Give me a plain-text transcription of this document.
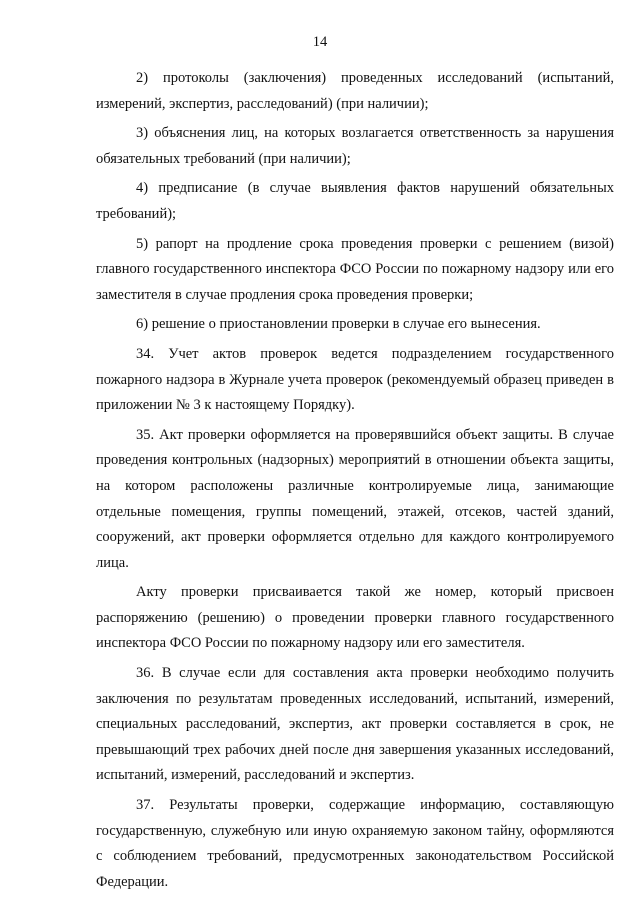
14

2) протоколы (заключения) проведенных исследований (испытаний, измерений, экспертиз, расследований) (при наличии);

3) объяснения лиц, на которых возлагается ответственность за нарушения обязательных требований (при наличии);

4) предписание (в случае выявления фактов нарушений обязательных требований);

5) рапорт на продление срока проведения проверки с решением (визой) главного государственного инспектора ФСО России по пожарному надзору или его заместителя в случае продления срока проведения проверки;

6) решение о приостановлении проверки в случае его вынесения.

34. Учет актов проверок ведется подразделением государственного пожарного надзора в Журнале учета проверок (рекомендуемый образец приведен в приложении № 3 к настоящему Порядку).

35. Акт проверки оформляется на проверявшийся объект защиты. В случае проведения контрольных (надзорных) мероприятий в отношении объекта защиты, на котором расположены различные контролируемые лица, занимающие отдельные помещения, группы помещений, этажей, отсеков, частей зданий, сооружений, акт проверки оформляется отдельно для каждого контролируемого лица.

Акту проверки присваивается такой же номер, который присвоен распоряжению (решению) о проведении проверки главного государственного инспектора ФСО России по пожарному надзору или его заместителя.

36. В случае если для составления акта проверки необходимо получить заключения по результатам проведенных исследований, испытаний, измерений, специальных расследований, экспертиз, акт проверки составляется в срок, не превышающий трех рабочих дней после дня завершения указанных исследований, испытаний, измерений, расследований и экспертиз.

37. Результаты проверки, содержащие информацию, составляющую государственную, служебную или иную охраняемую законом тайну, оформляются с соблюдением требований, предусмотренных законодательством Российской Федерации.
